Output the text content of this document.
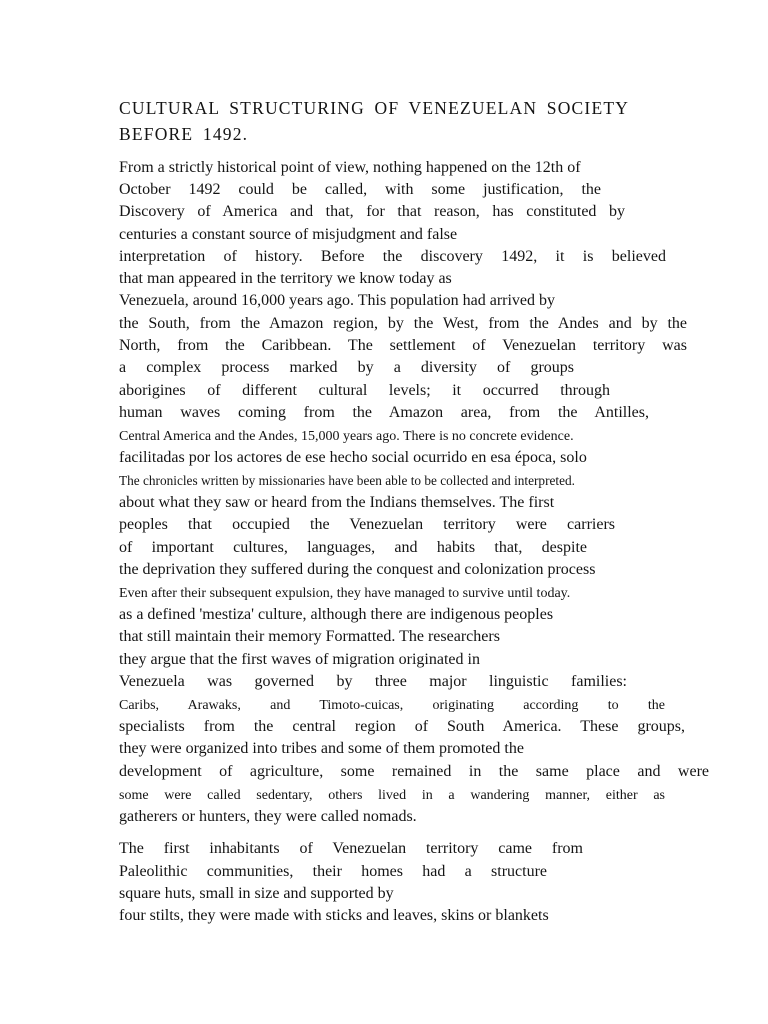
CULTURAL STRUCTURING OF VENEZUELAN SOCIETY
BEFORE 1492.
From a strictly historical point of view, nothing happened on the 12th of
October 1492 could be called, with some justification, the
Discovery of America and that, for that reason, has constituted by
centuries a constant source of misjudgment and false
interpretation of history. Before the discovery 1492, it is believed
that man appeared in the territory we know today as
Venezuela, around 16,000 years ago. This population had arrived by
the South, from the Amazon region, by the West, from the Andes and by the
North, from the Caribbean. The settlement of Venezuelan territory was
a complex process marked by a diversity of groups
aborigines of different cultural levels; it occurred through
human waves coming from the Amazon area, from the Antilles,
Central America and the Andes, 15,000 years ago. There is no concrete evidence.
facilitadas por los actores de ese hecho social ocurrido en esa época, solo
The chronicles written by missionaries have been able to be collected and interpreted.
about what they saw or heard from the Indians themselves. The first
peoples that occupied the Venezuelan territory were carriers
of important cultures, languages, and habits that, despite
the deprivation they suffered during the conquest and colonization process
Even after their subsequent expulsion, they have managed to survive until today.
as a defined 'mestiza' culture, although there are indigenous peoples
that still maintain their memory Formatted. The researchers
they argue that the first waves of migration originated in
Venezuela was governed by three major linguistic families:
Caribs, Arawaks, and Timoto-cuicas, originating according to the
specialists from the central region of South America. These groups,
they were organized into tribes and some of them promoted the
development of agriculture, some remained in the same place and were
some were called sedentary, others lived in a wandering manner, either as
gatherers or hunters, they were called nomads.
The first inhabitants of Venezuelan territory came from
Paleolithic communities, their homes had a structure
square huts, small in size and supported by
four stilts, they were made with sticks and leaves, skins or blankets
